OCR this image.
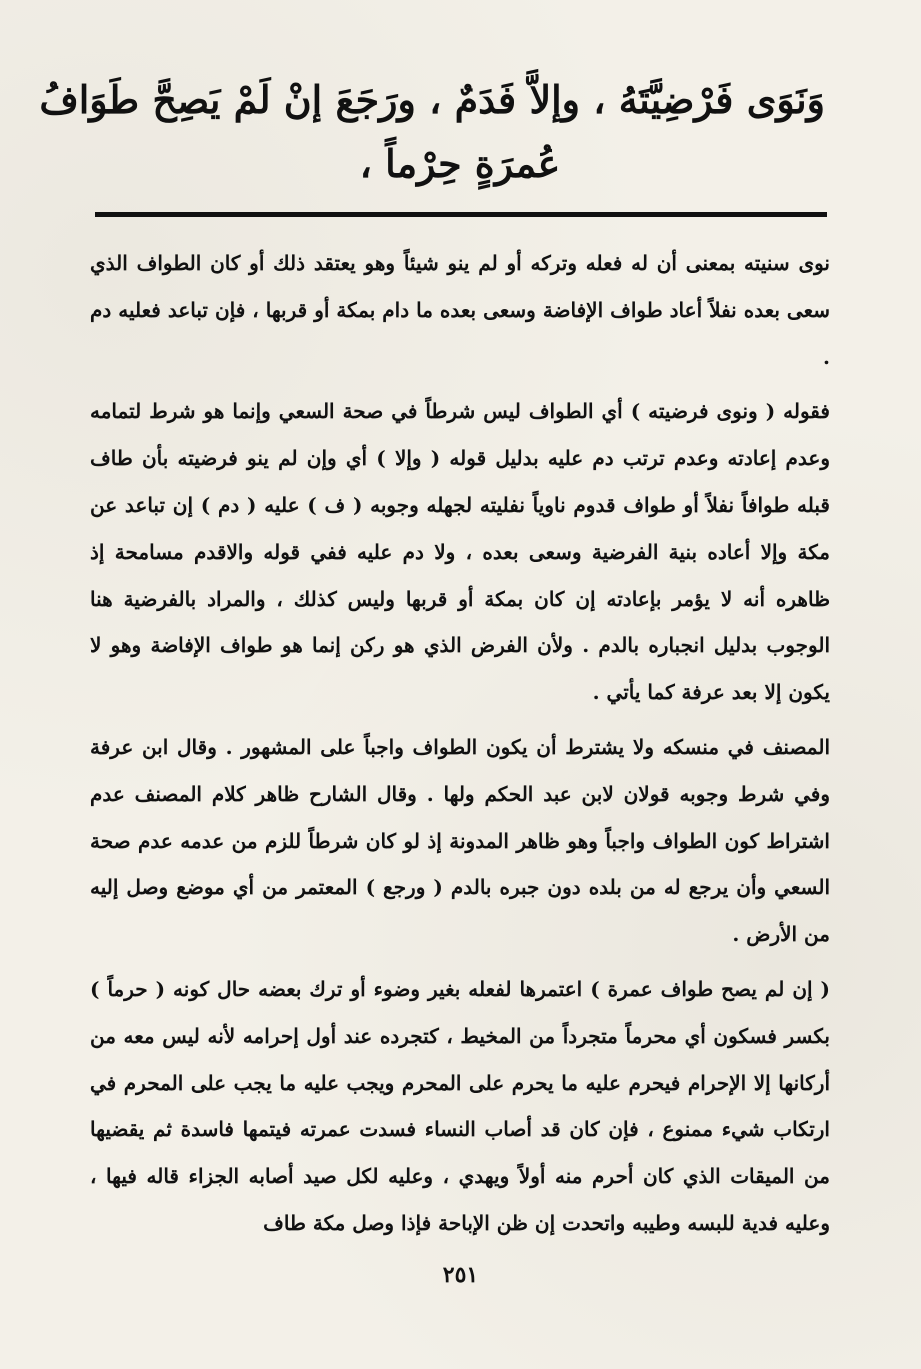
وَنَوَى فَرْضِيَّتَهُ ، وإلاَّ فَدَمٌ ، ورَجَعَ إنْ لَمْ يَصِحَّ طَوَافُ
عُمرَةٍ حِرْماً ،

نوى سنيته بمعنى أن له فعله وتركه أو لم ينو شيئاً وهو يعتقد ذلك أو كان الطواف الذي سعى بعده نفلاً أعاد طواف الإفاضة وسعى بعده ما دام بمكة أو قربها ، فإن تباعد فعليه دم .

فقوله ( ونوى فرضيته ) أي الطواف ليس شرطاً في صحة السعي وإنما هو شرط لتمامه وعدم إعادته وعدم ترتب دم عليه بدليل قوله ( وإلا ) أي وإن لم ينو فرضيته بأن طاف قبله طوافاً نفلاً أو طواف قدوم ناوياً نفليته لجهله وجوبه ( ف ) عليه ( دم ) إن تباعد عن مكة وإلا أعاده بنية الفرضية وسعى بعده ، ولا دم عليه ففي قوله والاقدم مسامحة إذ ظاهره أنه لا يؤمر بإعادته إن كان بمكة أو قربها وليس كذلك ، والمراد بالفرضية هنا الوجوب بدليل انجباره بالدم . ولأن الفرض الذي هو ركن إنما هو طواف الإفاضة وهو لا يكون إلا بعد عرفة كما يأتي .

المصنف في منسكه ولا يشترط أن يكون الطواف واجباً على المشهور . وقال ابن عرفة وفي شرط وجوبه قولان لابن عبد الحكم ولها . وقال الشارح ظاهر كلام المصنف عدم اشتراط كون الطواف واجباً وهو ظاهر المدونة إذ لو كان شرطاً للزم من عدمه عدم صحة السعي وأن يرجع له من بلده دون جبره بالدم ( ورجع ) المعتمر من أي موضع وصل إليه من الأرض .

( إن لم يصح طواف عمرة ) اعتمرها لفعله بغير وضوء أو ترك بعضه حال كونه ( حرماً ) بكسر فسكون أي محرماً متجرداً من المخيط ، كتجرده عند أول إحرامه لأنه ليس معه من أركانها إلا الإحرام فيحرم عليه ما يحرم على المحرم ويجب عليه ما يجب على المحرم في ارتكاب شيء ممنوع ، فإن كان قد أصاب النساء فسدت عمرته فيتمها فاسدة ثم يقضيها من الميقات الذي كان أحرم منه أولاً ويهدي ، وعليه لكل صيد أصابه الجزاء قاله فيها ، وعليه فدية للبسه وطيبه واتحدت إن ظن الإباحة فإذا وصل مكة طاف

٢٥١
